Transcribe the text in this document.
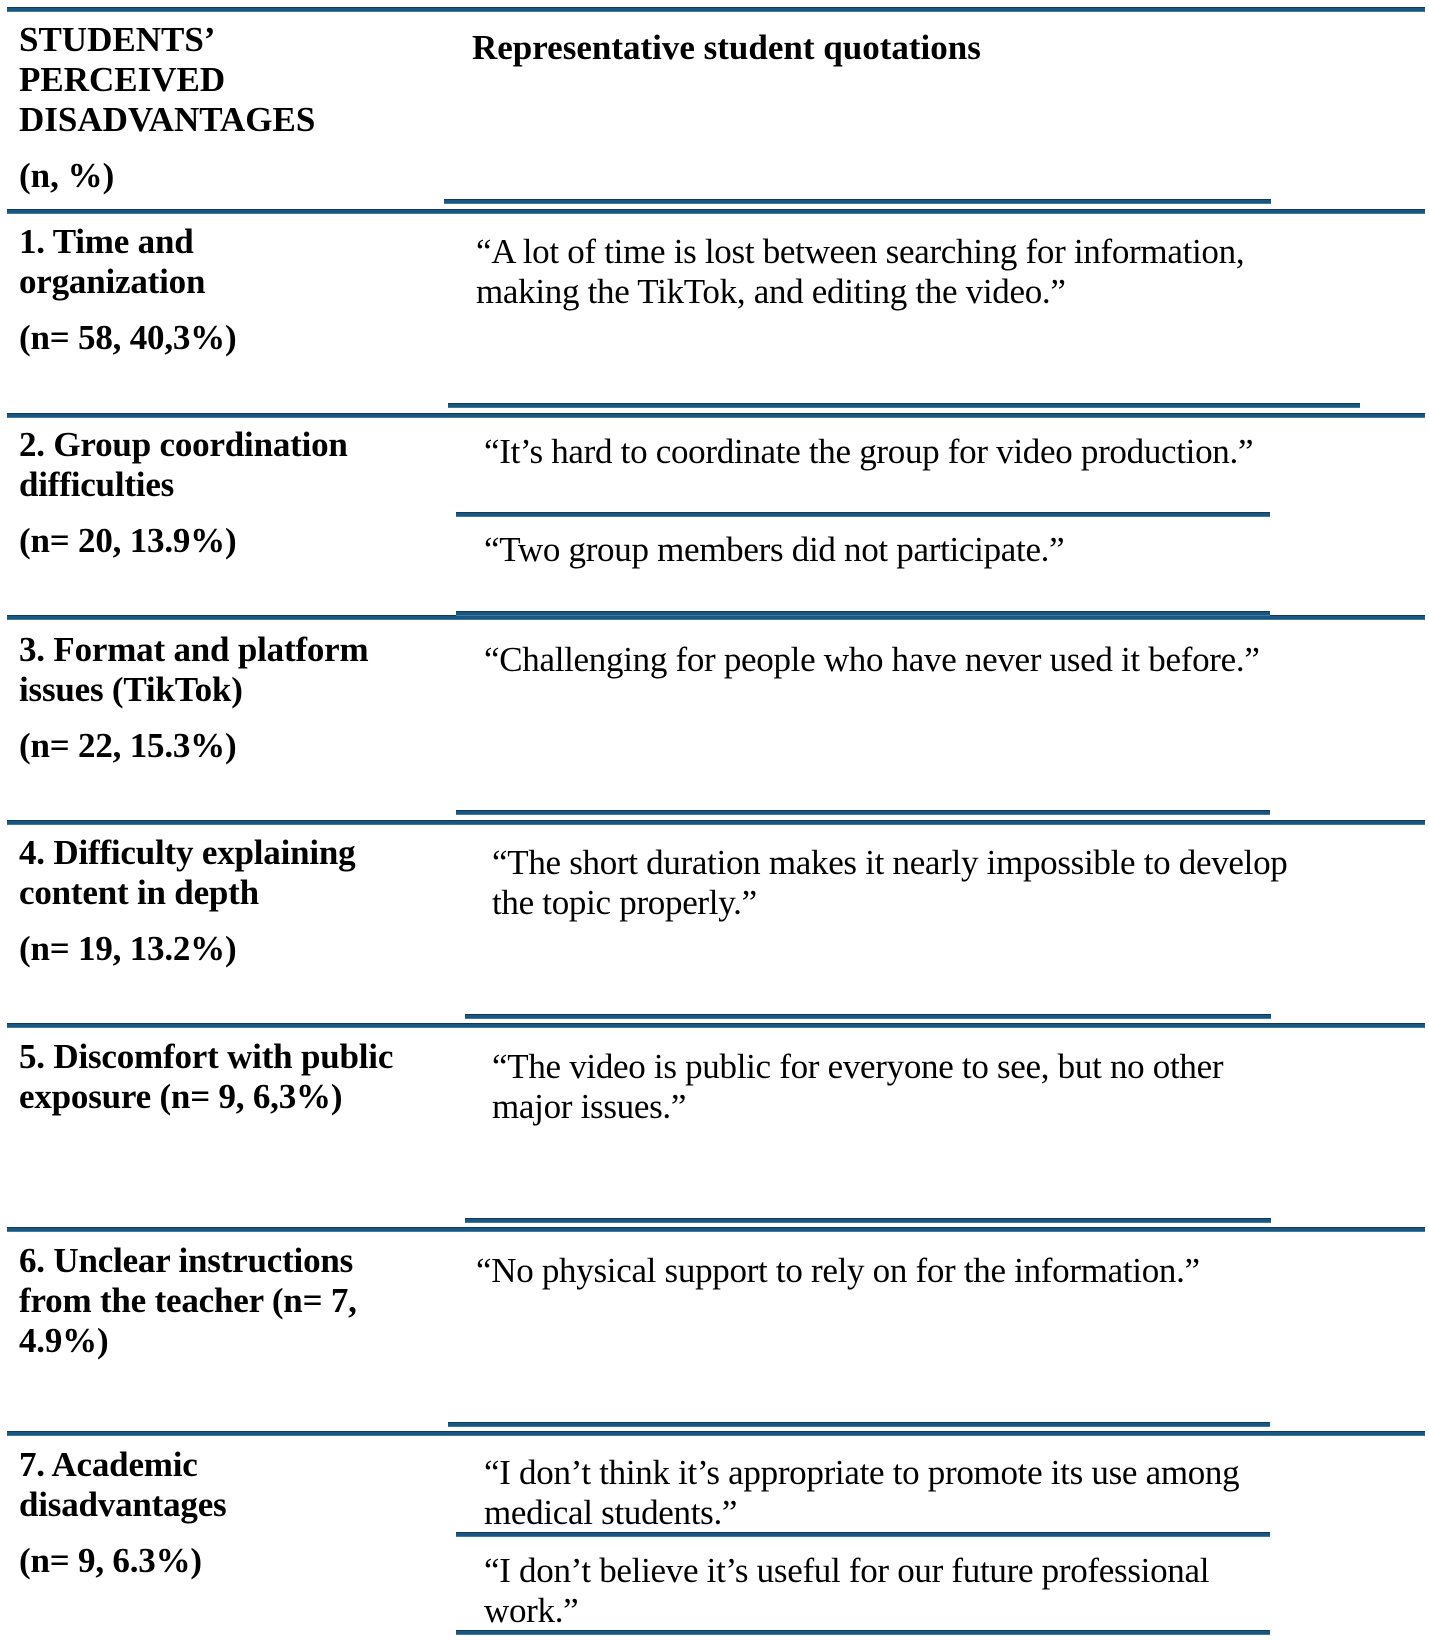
STUDENTS’
PERCEIVED
DISADVANTAGES
(n, %)
Representative student quotations
1. Time and
organization
(n= 58, 40,3%)
“A lot of time is lost between searching for information,
making the TikTok, and editing the video.”
2. Group coordination
difficulties
(n= 20, 13.9%)
“It’s hard to coordinate the group for video production.”
“Two group members did not participate.”
3. Format and platform
issues (TikTok)
(n= 22, 15.3%)
“Challenging for people who have never used it before.”
4. Difficulty explaining
content in depth
(n= 19, 13.2%)
“The short duration makes it nearly impossible to develop
the topic properly.”
5. Discomfort with public
exposure (n= 9, 6,3%)
“The video is public for everyone to see, but no other
major issues.”
6. Unclear instructions
from the teacher (n= 7,
4.9%)
“No physical support to rely on for the information.”
7. Academic
disadvantages
(n= 9, 6.3%)
“I don’t think it’s appropriate to promote its use among
medical students.”
“I don’t believe it’s useful for our future professional
work.”
